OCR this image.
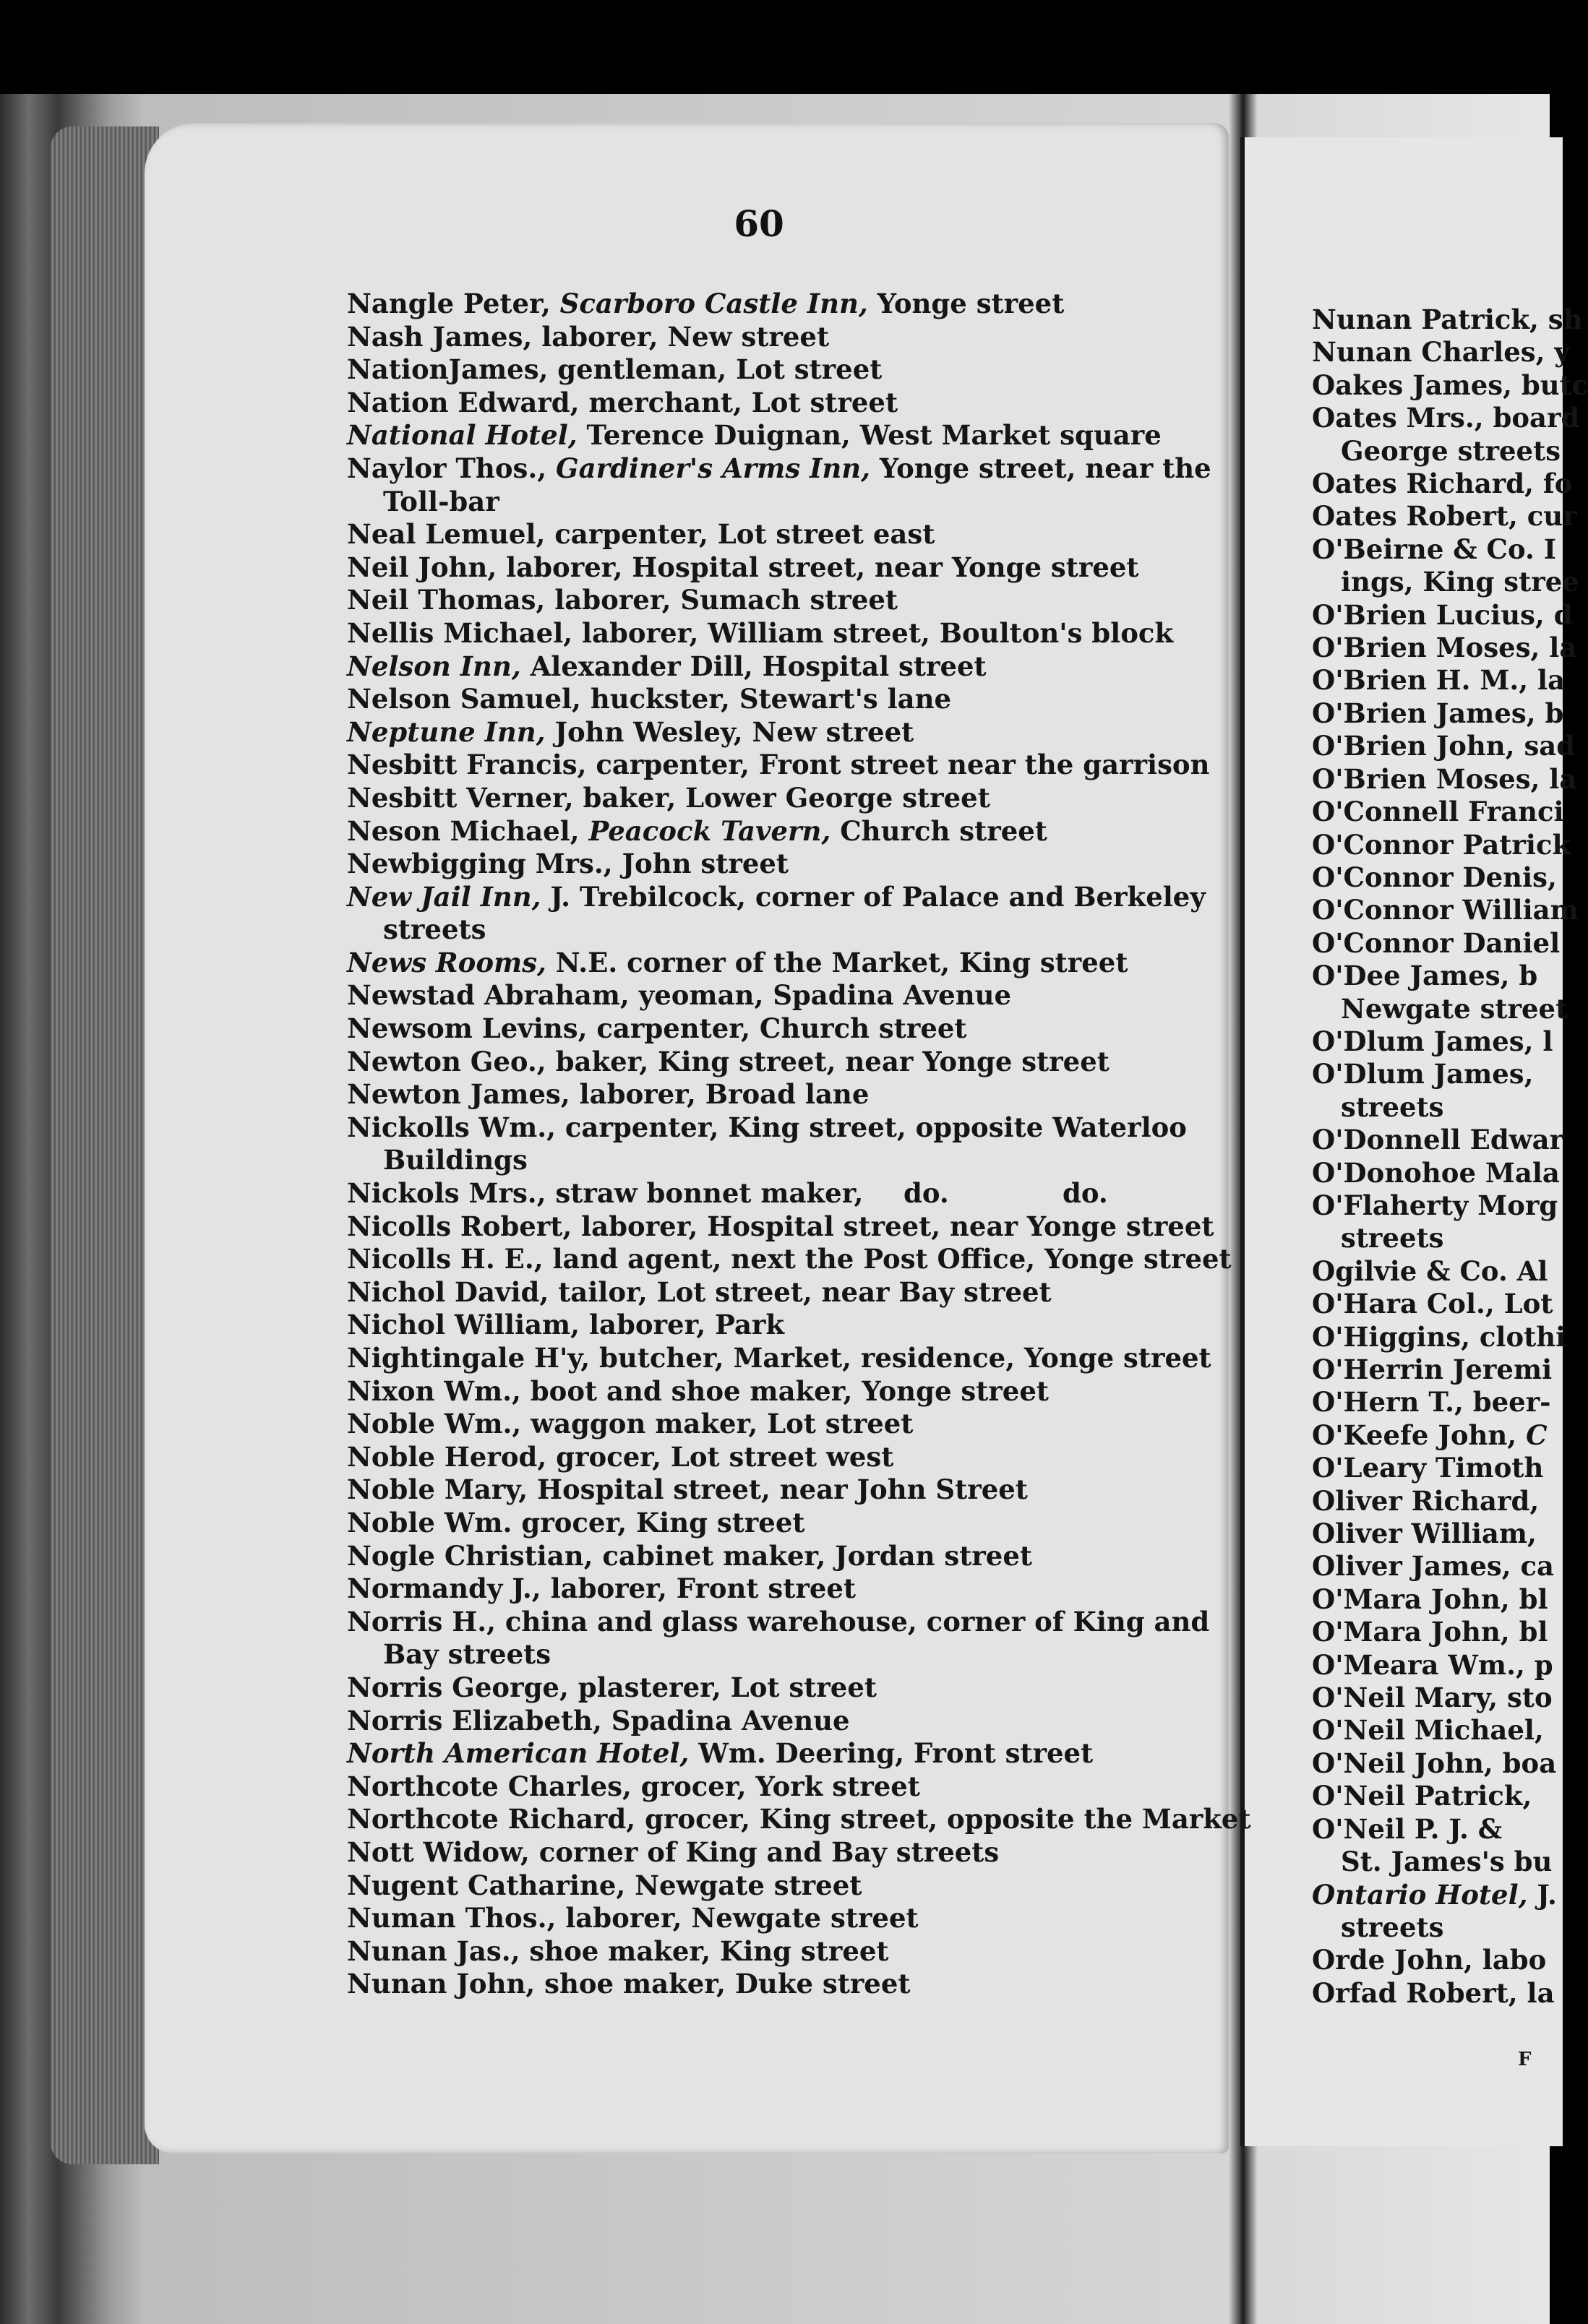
60
Nangle Peter, Scarboro Castle Inn, Yonge street
Nash James, laborer, New street
NationJames, gentleman, Lot street
Nation Edward, merchant, Lot street
National Hotel, Terence Duignan, West Market square
Naylor Thos., Gardiner's Arms Inn, Yonge street, near the
Toll-bar
Neal Lemuel, carpenter, Lot street east
Neil John, laborer, Hospital street, near Yonge street
Neil Thomas, laborer, Sumach street
Nellis Michael, laborer, William street, Boulton's block
Nelson Inn, Alexander Dill, Hospital street
Nelson Samuel, huckster, Stewart's lane
Neptune Inn, John Wesley, New street
Nesbitt Francis, carpenter, Front street near the garrison
Nesbitt Verner, baker, Lower George street
Neson Michael, Peacock Tavern, Church street
Newbigging Mrs., John street
New Jail Inn, J. Trebilcock, corner of Palace and Berkeley
streets
News Rooms, N.E. corner of the Market, King street
Newstad Abraham, yeoman, Spadina Avenue
Newsom Levins, carpenter, Church street
Newton Geo., baker, King street, near Yonge street
Newton James, laborer, Broad lane
Nickolls Wm., carpenter, King street, opposite Waterloo
Buildings
Nickols Mrs., straw bonnet maker, do.	do.
Nicolls Robert, laborer, Hospital street, near Yonge street
Nicolls H. E., land agent, next the Post Office, Yonge street
Nichol David, tailor, Lot street, near Bay street
Nichol William, laborer, Park
Nightingale H'y, butcher, Market, residence, Yonge street
Nixon Wm., boot and shoe maker, Yonge street
Noble Wm., waggon maker, Lot street
Noble Herod, grocer, Lot street west
Noble Mary, Hospital street, near John Street
Noble Wm. grocer, King street
Nogle Christian, cabinet maker, Jordan street
Normandy J., laborer, Front street
Norris H., china and glass warehouse, corner of King and
Bay streets
Norris George, plasterer, Lot street
Norris Elizabeth, Spadina Avenue
North American Hotel, Wm. Deering, Front street
Northcote Charles, grocer, York street
Northcote Richard, grocer, King street, opposite the Market
Nott Widow, corner of King and Bay streets
Nugent Catharine, Newgate street
Numan Thos., laborer, Newgate street
Nunan Jas., shoe maker, King street
Nunan John, shoe maker, Duke street
Nunan Patrick, sh
Nunan Charles, y
Oakes James, butc
Oates Mrs., board
George streets
Oates Richard, fo
Oates Robert, cur
O'Beirne & Co. I
ings, King stree
O'Brien Lucius, d
O'Brien Moses, la
O'Brien H. M., la
O'Brien James, b
O'Brien John, sad
O'Brien Moses, la
O'Connell Franci
O'Connor Patrick
O'Connor Denis,
O'Connor William
O'Connor Daniel
O'Dee James, b
Newgate street
O'Dlum James, l
O'Dlum James,
streets
O'Donnell Edwar
O'Donohoe Mala
O'Flaherty Morg
streets
Ogilvie & Co. Al
O'Hara Col., Lot
O'Higgins, clothi
O'Herrin Jeremi
O'Hern T., beer-
O'Keefe John, C
O'Leary Timoth
Oliver Richard,
Oliver William,
Oliver James, ca
O'Mara John, bl
O'Mara John, bl
O'Meara Wm., p
O'Neil Mary, sto
O'Neil Michael,
O'Neil John, boa
O'Neil Patrick,
O'Neil P. J. &
St. James's bu
Ontario Hotel, J.
streets
Orde John, labo
Orfad Robert, la
F
